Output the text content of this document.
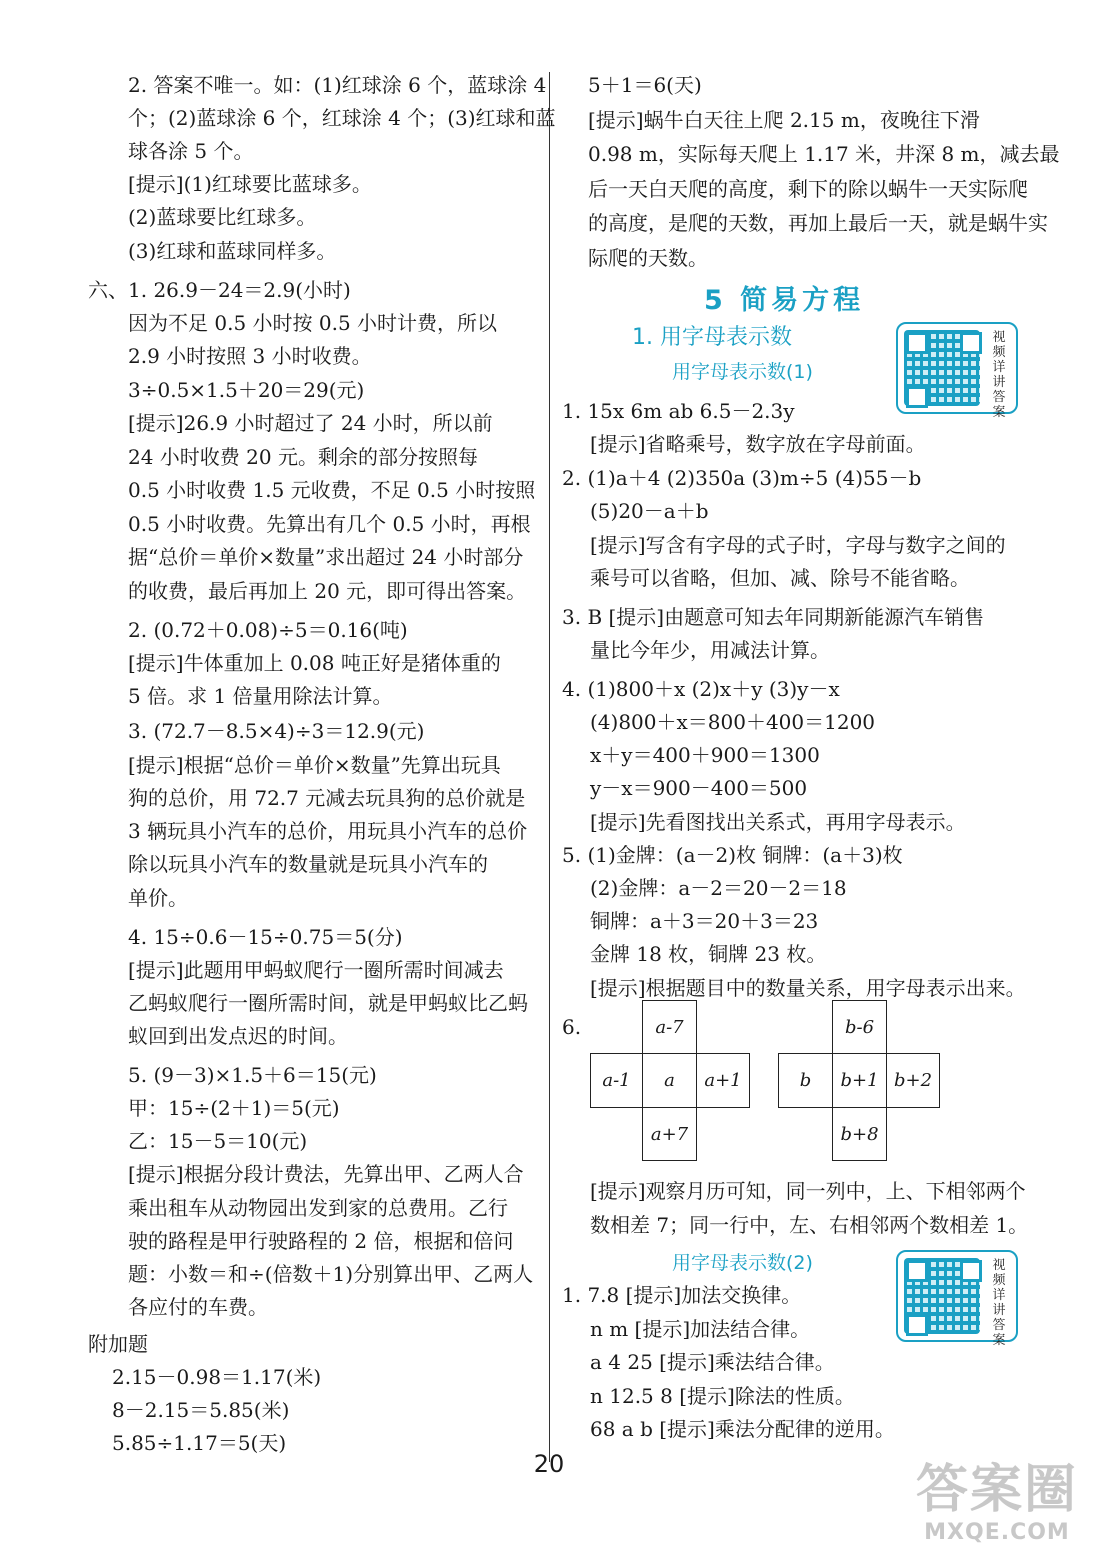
2. 答案不唯一。如：(1)红球涂 6 个，蓝球涂 4
个；(2)蓝球涂 6 个，红球涂 4 个；(3)红球和蓝
球各涂 5 个。
[提示](1)红球要比蓝球多。
(2)蓝球要比红球多。
(3)红球和蓝球同样多。
六、1. 26.9－24＝2.9(小时)
因为不足 0.5 小时按 0.5 小时计费，所以
2.9 小时按照 3 小时收费。
3÷0.5×1.5＋20＝29(元)
[提示]26.9 小时超过了 24 小时，所以前
24 小时收费 20 元。剩余的部分按照每
0.5 小时收费 1.5 元收费，不足 0.5 小时按照
0.5 小时收费。先算出有几个 0.5 小时，再根
据“总价＝单价×数量”求出超过 24 小时部分
的收费，最后再加上 20 元，即可得出答案。
2. (0.72＋0.08)÷5＝0.16(吨)
[提示]牛体重加上 0.08 吨正好是猪体重的
5 倍。求 1 倍量用除法计算。
3. (72.7－8.5×4)÷3＝12.9(元)
[提示]根据“总价＝单价×数量”先算出玩具
狗的总价，用 72.7 元减去玩具狗的总价就是
3 辆玩具小汽车的总价，用玩具小汽车的总价
除以玩具小汽车的数量就是玩具小汽车的
单价。
4. 15÷0.6－15÷0.75＝5(分)
[提示]此题用甲蚂蚁爬行一圈所需时间减去
乙蚂蚁爬行一圈所需时间，就是甲蚂蚁比乙蚂
蚁回到出发点迟的时间。
5. (9－3)×1.5＋6＝15(元)
甲：15÷(2＋1)＝5(元)
乙：15－5＝10(元)
[提示]根据分段计费法，先算出甲、乙两人合
乘出租车从动物园出发到家的总费用。乙行
驶的路程是甲行驶路程的 2 倍，根据和倍问
题：小数＝和÷(倍数＋1)分别算出甲、乙两人
各应付的车费。
附加题
2.15－0.98＝1.17(米)
8－2.15＝5.85(米)
5.85÷1.17＝5(天)
5＋1＝6(天)
[提示]蜗牛白天往上爬 2.15 m，夜晚往下滑
0.98 m，实际每天爬上 1.17 米，井深 8 m，减去最
后一天白天爬的高度，剩下的除以蜗牛一天实际爬
的高度，是爬的天数，再加上最后一天，就是蜗牛实
际爬的天数。
5 简易方程
1. 用字母表示数
用字母表示数(1)
视频详讲答案
1. 15x 6m ab 6.5－2.3y
[提示]省略乘号，数字放在字母前面。
2. (1)a＋4 (2)350a (3)m÷5 (4)55－b
(5)20－a＋b
[提示]写含有字母的式子时，字母与数字之间的
乘号可以省略，但加、减、除号不能省略。
3. B [提示]由题意可知去年同期新能源汽车销售
量比今年少，用减法计算。
4. (1)800＋x (2)x＋y (3)y－x
(4)800＋x＝800＋400＝1200
x＋y＝400＋900＝1300
y－x＝900－400＝500
[提示]先看图找出关系式，再用字母表示。
5. (1)金牌：(a－2)枚 铜牌：(a＋3)枚
(2)金牌：a－2＝20－2＝18
铜牌：a＋3＝20＋3＝23
金牌 18 枚，铜牌 23 枚。
[提示]根据题目中的数量关系，用字母表示出来。
6.	a-7
a-1	a	a+1
a+7
b-6
b	b+1 b+2
b+8
[提示]观察月历可知，同一列中，上、下相邻两个
数相差 7；同一行中，左、右相邻两个数相差 1。
用字母表示数(2)	视频详讲答案
1. 7.8 [提示]加法交换律。
n m [提示]加法结合律。
a 4 25 [提示]乘法结合律。
n 12.5 8 [提示]除法的性质。
68 a b [提示]乘法分配律的逆用。
20	答案圈
MXQE.COM
